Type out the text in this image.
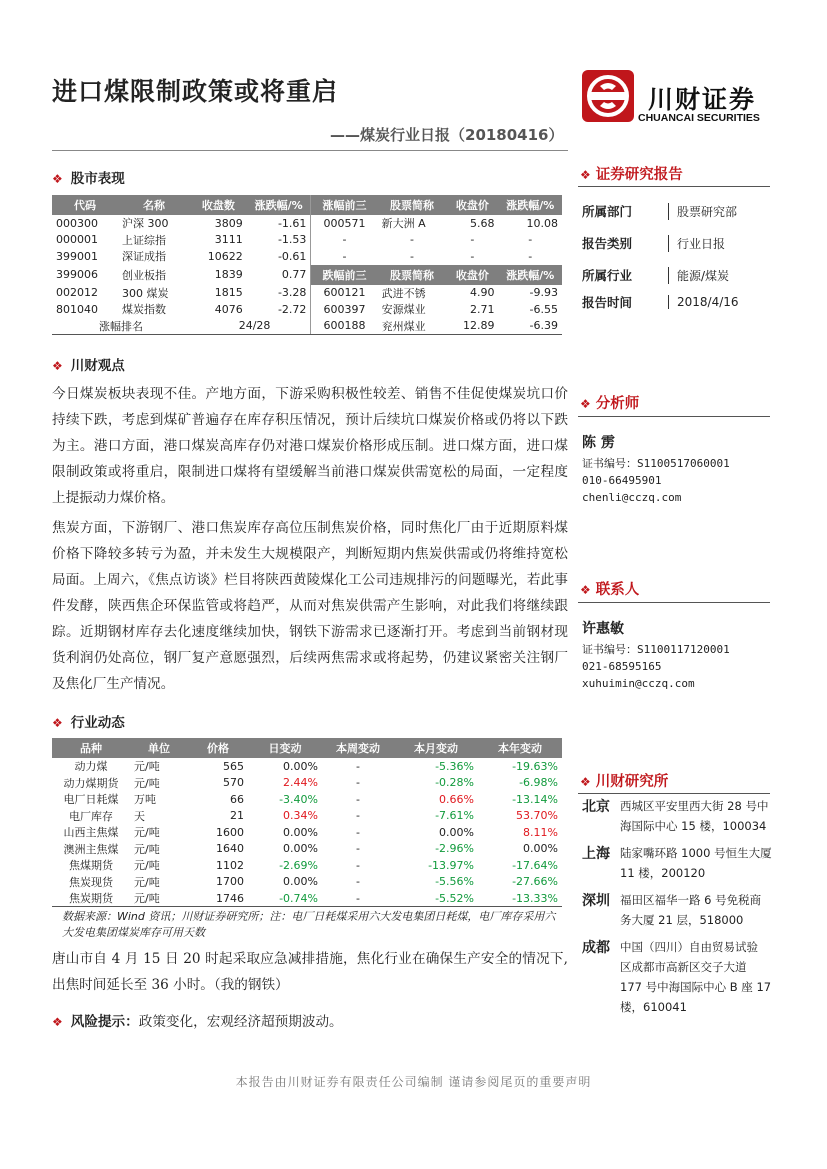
进口煤限制政策或将重启
——煤炭行业日报（20180416）
川财证券
CHUANCAI SECURITIES
❖ 股市表现
代码	名称	收盘数	涨跌幅/%	涨幅前三	股票简称	收盘价	涨跌幅/%
000300	沪深 300	3809	-1.61	000571	新大洲 A	5.68	10.08
000001	上证综指	3111	-1.53	-	-	-	-
399001	深证成指	10622	-0.61	-	-	-	-
399006	创业板指	1839	0.77	跌幅前三	股票简称	收盘价	涨跌幅/%
002012	300 煤炭	1815	-3.28	600121	武进不锈	4.90	-9.93
801040	煤炭指数	4076	-2.72	600397	安源煤业	2.71	-6.55
涨幅排名		24/28		600188	兖州煤业	12.89	-6.39
❖ 川财观点
今日煤炭板块表现不佳。产地方面，下游采购积极性较差、销售不佳促使煤炭坑口价持续下跌，考虑到煤矿普遍存在库存积压情况，预计后续坑口煤炭价格或仍将以下跌为主。港口方面，港口煤炭高库存仍对港口煤炭价格形成压制。进口煤方面，进口煤限制政策或将重启，限制进口煤将有望缓解当前港口煤炭供需宽松的局面，一定程度上提振动力煤价格。
焦炭方面，下游钢厂、港口焦炭库存高位压制焦炭价格，同时焦化厂由于近期原料煤价格下降较多转亏为盈，并未发生大规模限产，判断短期内焦炭供需或仍将维持宽松局面。上周六，《焦点访谈》栏目将陕西黄陵煤化工公司违规排污的问题曝光，若此事件发酵，陕西焦企环保监管或将趋严，从而对焦炭供需产生影响，对此我们将继续跟踪。近期钢材库存去化速度继续加快，钢铁下游需求已逐渐打开。考虑到当前钢材现货利润仍处高位，钢厂复产意愿强烈，后续两焦需求或将起势，仍建议紧密关注钢厂及焦化厂生产情况。
❖ 行业动态
品种	单位	价格	日变动	本周变动	本月变动	本年变动
动力煤	元/吨	565	0.00%	-	-5.36%	-19.63%
动力煤期货	元/吨	570	2.44%	-	-0.28%	-6.98%
电厂日耗煤	万吨	66	-3.40%	-	0.66%	-13.14%
电厂库存	天	21	0.34%	-	-7.61%	53.70%
山西主焦煤	元/吨	1600	0.00%	-	0.00%	8.11%
澳洲主焦煤	元/吨	1640	0.00%	-	-2.96%	0.00%
焦煤期货	元/吨	1102	-2.69%	-	-13.97%	-17.64%
焦炭现货	元/吨	1700	0.00%	-	-5.56%	-27.66%
焦炭期货	元/吨	1746	-0.74%	-	-5.52%	-13.33%
数据来源：Wind 资讯；川财证券研究所；注：电厂日耗煤采用六大发电集团日耗煤，电厂库存采用六大发电集团煤炭库存可用天数
唐山市自 4 月 15 日 20 时起采取应急减排措施，焦化行业在确保生产安全的情况下,出焦时间延长至 36 小时。（我的钢铁）
❖ 风险提示：政策变化，宏观经济超预期波动。
❖ 证券研究报告
所属部门	股票研究部
报告类别	行业日报
所属行业	能源/煤炭
报告时间	2018/4/16
❖ 分析师
陈 雳
证书编号：S1100517060001
010-66495901
chenli@cczq.com
❖ 联系人
许惠敏
证书编号：S1100117120001
021-68595165
xuhuimin@cczq.com
❖ 川财研究所
北京 西城区平安里西大街 28 号中
海国际中心 15 楼，100034
上海 陆家嘴环路 1000 号恒生大厦
11 楼，200120
深圳 福田区福华一路 6 号免税商
务大厦 21 层，518000
成都 中国（四川）自由贸易试验
区成都市高新区交子大道
177 号中海国际中心 B 座 17
楼，610041
本报告由川财证券有限责任公司编制 谨请参阅尾页的重要声明
